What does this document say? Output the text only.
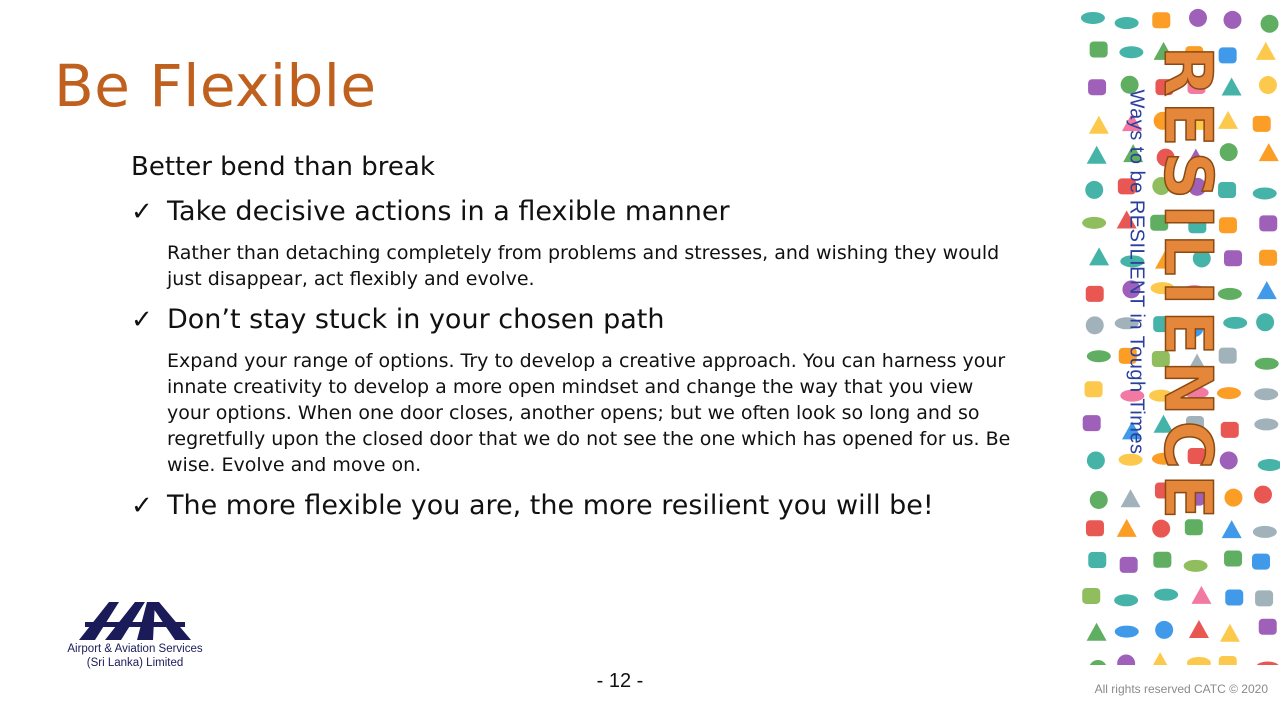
Be Flexible
Better bend than break
✓ Take decisive actions in a flexible manner
Rather than detaching completely from problems and stresses, and wishing they would just disappear, act flexibly and evolve.
✓ Don’t stay stuck in your chosen path
Expand your range of options. Try to develop a creative approach. You can harness your innate creativity to develop a more open mindset and change the way that you view your options. When one door closes, another opens; but we often look so long and so regretfully upon the closed door that we do not see the one which has opened for us. Be wise. Evolve and move on.
✓ The more flexible you are, the more resilient you will be!
Airport & Aviation Services
(Sri Lanka) Limited
- 12 -	All rights reserved CATC © 2020
Ways to be RESILIENT in Tough Times RESILIENCE
